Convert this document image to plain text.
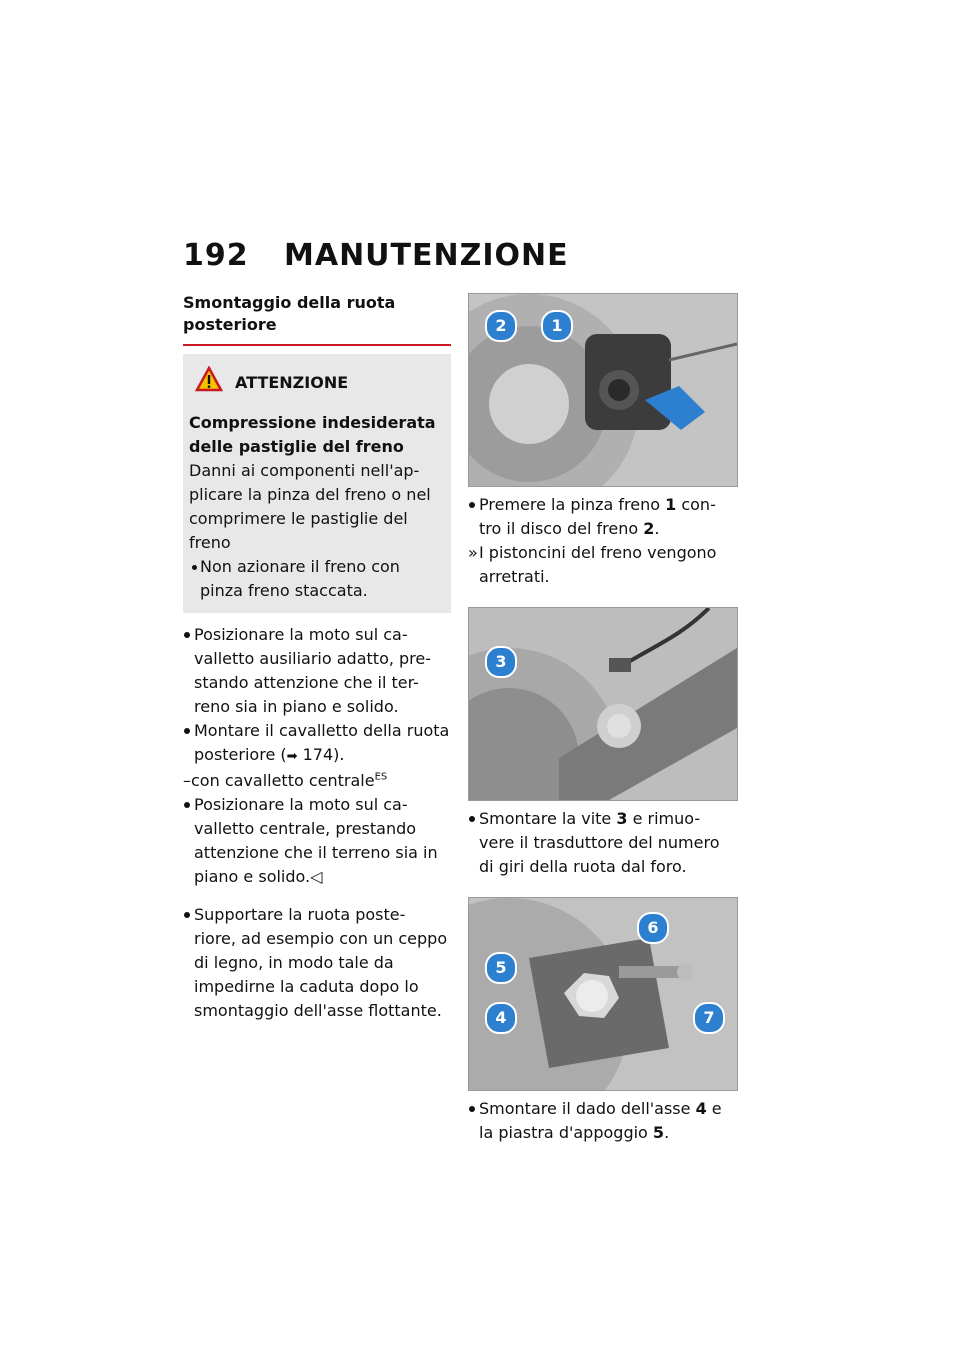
192 MANUTENZIONE

Smontaggio della ruota posteriore

ATTENZIONE

Compressione indesiderata delle pastiglie del freno

Danni ai componenti nell'ap- plicare la pinza del freno o nel comprimere le pastiglie del freno

Non azionare il freno con pinza freno staccata.

Posizionare la moto sul ca- valletto ausiliario adatto, pre- stando attenzione che il ter- reno sia in piano e solido.

Montare il cavalletto della ruota posteriore (➡ 174).

–con cavalletto centrale$^{ES}$

Posizionare la moto sul ca- valletto centrale, prestando attenzione che il terreno sia in piano e solido.◁

Supportare la ruota poste- riore, ad esempio con un ceppo di legno, in modo tale da impedirne la caduta dopo lo smontaggio dell'asse flottante.

2	1

Premere la pinza freno 1 con- tro il disco del freno 2.

» I pistoncini del freno vengono arretrati.

3

Smontare la vite 3 e rimuo- vere il trasduttore del numero di giri della ruota dal foro.

6
5
4	7

Smontare il dado dell'asse 4 e la piastra d'appoggio 5.
